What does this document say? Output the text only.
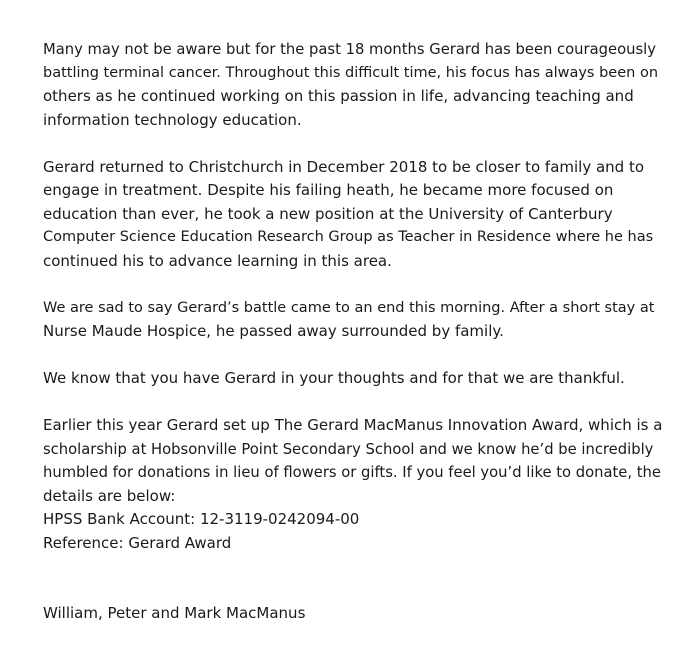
Many may not be aware but for the past 18 months Gerard has been courageously
battling terminal cancer. Throughout this difficult time, his focus has always been on
others as he continued working on this passion in life, advancing teaching and
information technology education.

Gerard returned to Christchurch in December 2018 to be closer to family and to
engage in treatment. Despite his failing heath, he became more focused on
education than ever, he took a new position at the University of Canterbury
Computer Science Education Research Group as Teacher in Residence where he has
continued his to advance learning in this area.

We are sad to say Gerard’s battle came to an end this morning. After a short stay at
Nurse Maude Hospice, he passed away surrounded by family.

We know that you have Gerard in your thoughts and for that we are thankful.

Earlier this year Gerard set up The Gerard MacManus Innovation Award, which is a
scholarship at Hobsonville Point Secondary School and we know he’d be incredibly
humbled for donations in lieu of flowers or gifts. If you feel you’d like to donate, the
details are below:
HPSS Bank Account: 12-3119-0242094-00
Reference: Gerard Award

William, Peter and Mark MacManus
